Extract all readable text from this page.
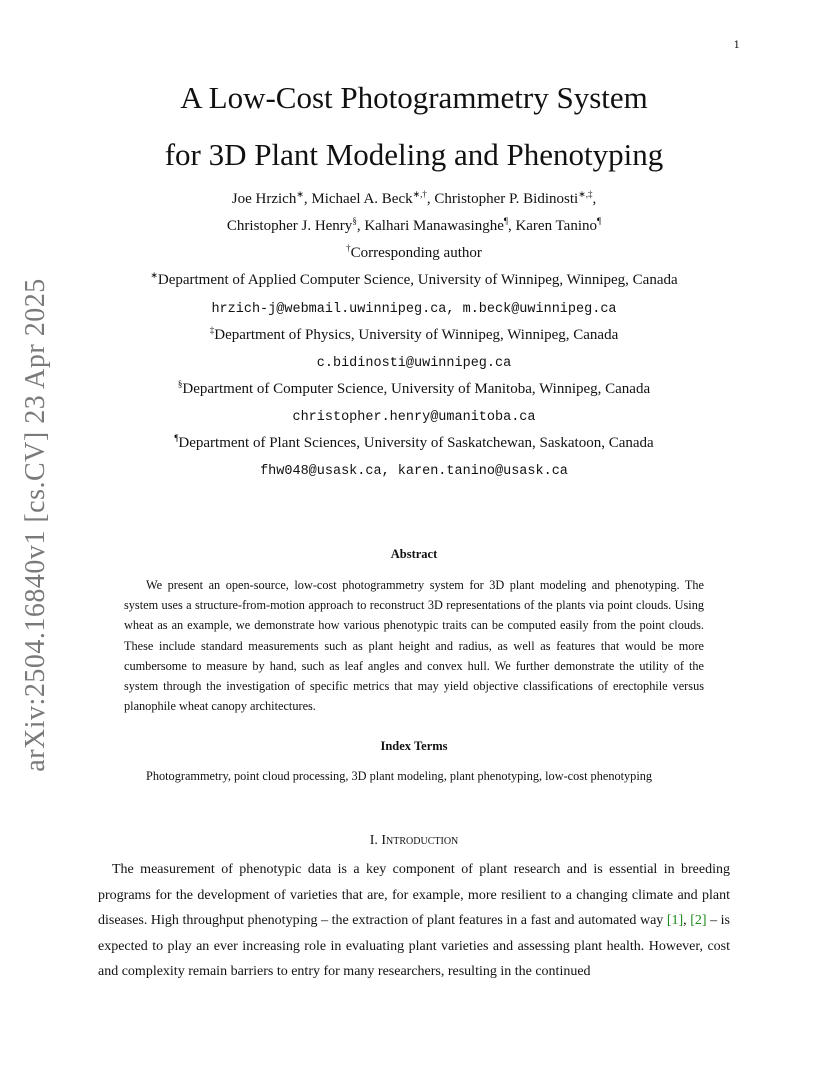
1
arXiv:2504.16840v1 [cs.CV] 23 Apr 2025
A Low-Cost Photogrammetry System
for 3D Plant Modeling and Phenotyping
Joe Hrzich∗, Michael A. Beck∗,†, Christopher P. Bidinosti∗,‡,
Christopher J. Henry§, Kalhari Manawasinghe¶, Karen Tanino¶
†Corresponding author
∗Department of Applied Computer Science, University of Winnipeg, Winnipeg, Canada
hrzich-j@webmail.uwinnipeg.ca, m.beck@uwinnipeg.ca
‡Department of Physics, University of Winnipeg, Winnipeg, Canada
c.bidinosti@uwinnipeg.ca
§Department of Computer Science, University of Manitoba, Winnipeg, Canada
christopher.henry@umanitoba.ca
¶Department of Plant Sciences, University of Saskatchewan, Saskatoon, Canada
fhw048@usask.ca, karen.tanino@usask.ca
Abstract
We present an open-source, low-cost photogrammetry system for 3D plant modeling and phenotyping. The system uses a structure-from-motion approach to reconstruct 3D representations of the plants via point clouds. Using wheat as an example, we demonstrate how various phenotypic traits can be computed easily from the point clouds. These include standard measurements such as plant height and radius, as well as features that would be more cumbersome to measure by hand, such as leaf angles and convex hull. We further demonstrate the utility of the system through the investigation of specific metrics that may yield objective classifications of erectophile versus planophile wheat canopy architectures.
Index Terms
Photogrammetry, point cloud processing, 3D plant modeling, plant phenotyping, low-cost phenotyping
I. Introduction
The measurement of phenotypic data is a key component of plant research and is essential in breeding programs for the development of varieties that are, for example, more resilient to a changing climate and plant diseases. High throughput phenotyping – the extraction of plant features in a fast and automated way [1], [2] – is expected to play an ever increasing role in evaluating plant varieties and assessing plant health. However, cost and complexity remain barriers to entry for many researchers, resulting in the continued
